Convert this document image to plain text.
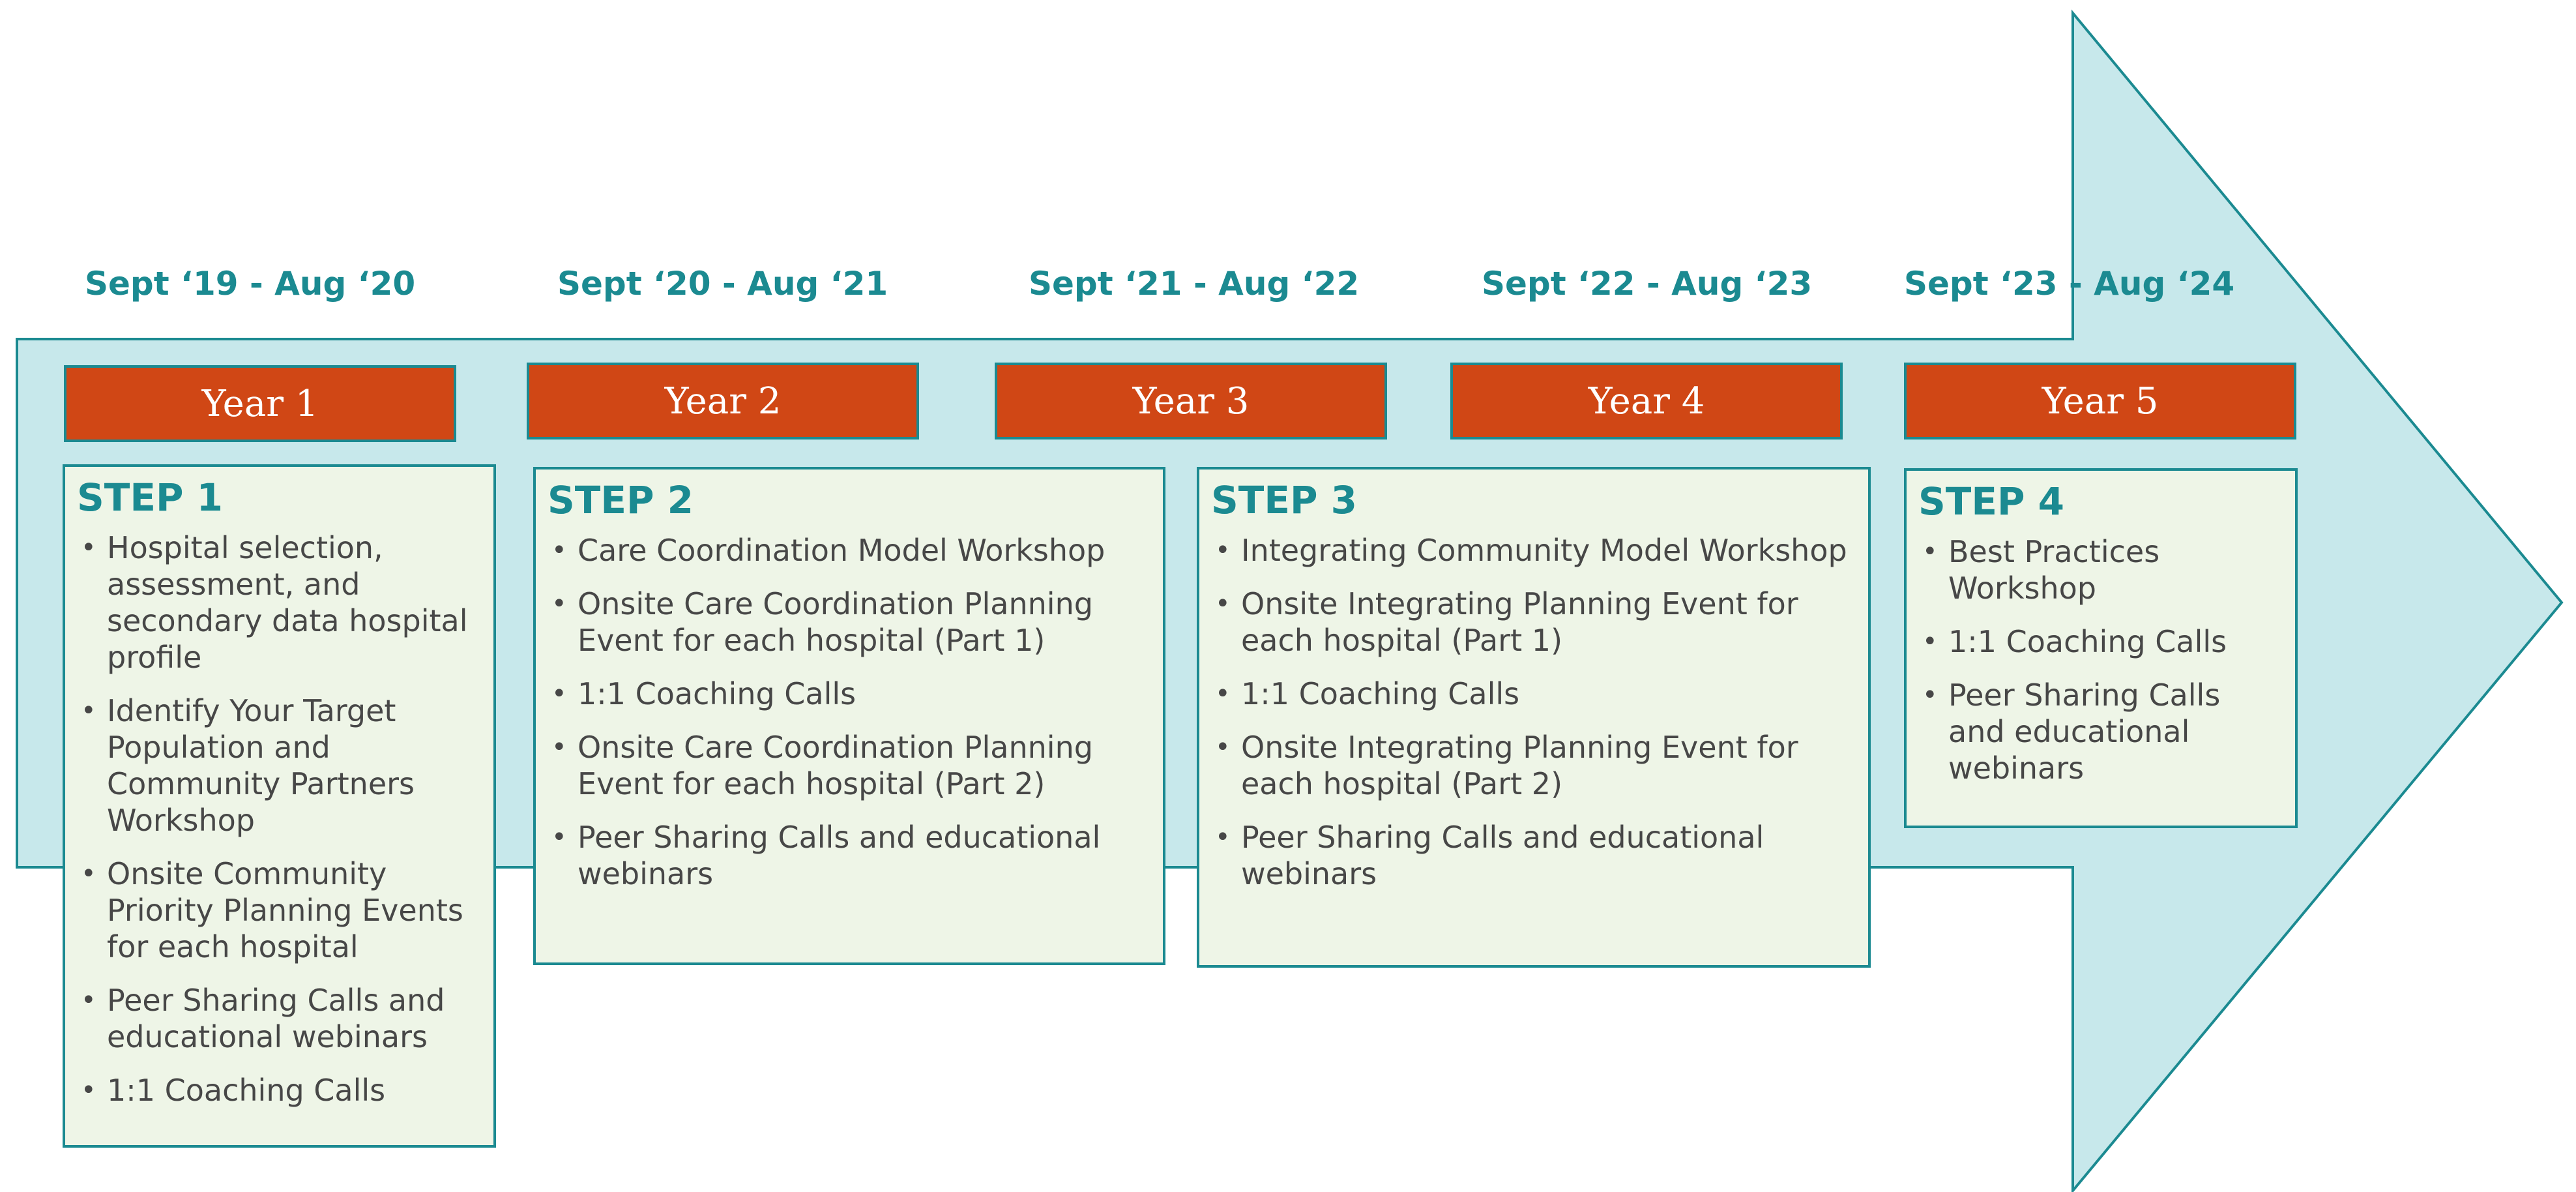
Sept ‘19 - Aug ‘20	Sept ‘20 - Aug ‘21	Sept ‘21 - Aug ‘22	Sept ‘22 - Aug ‘23	Sept ‘23 - Aug ‘24
Year 1	Year 2	Year 3	Year 4	Year 5
STEP 1
• Hospital selection, assessment, and secondary data hospital profile
• Identify Your Target Population and Community Partners Workshop
• Onsite Community Priority Planning Events for each hospital
• Peer Sharing Calls and educational webinars
• 1:1 Coaching Calls
STEP 2
• Care Coordination Model Workshop
• Onsite Care Coordination Planning Event for each hospital (Part 1)
• 1:1 Coaching Calls
• Onsite Care Coordination Planning Event for each hospital (Part 2)
• Peer Sharing Calls and educational webinars
STEP 3
• Integrating Community Model Workshop
• Onsite Integrating Planning Event for each hospital (Part 1)
• 1:1 Coaching Calls
• Onsite Integrating Planning Event for each hospital (Part 2)
• Peer Sharing Calls and educational webinars
STEP 4
• Best Practices Workshop
• 1:1 Coaching Calls
• Peer Sharing Calls and educational webinars
